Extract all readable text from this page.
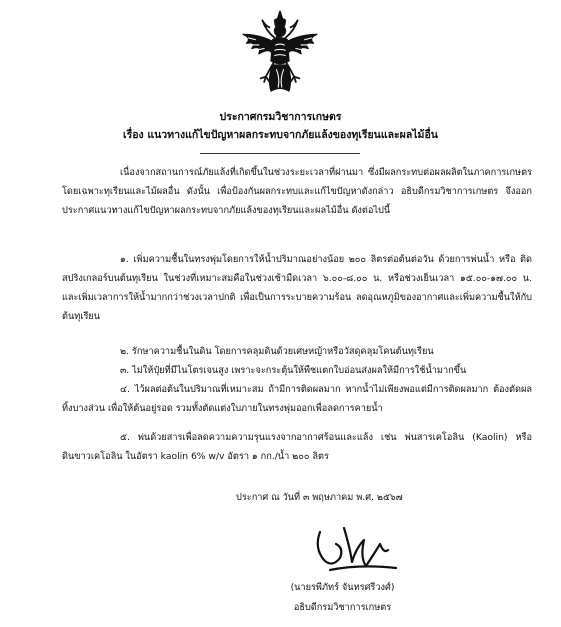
ประกาศกรมวิชาการเกษตร
เรื่อง แนวทางแก้ไขปัญหาผลกระทบจากภัยแล้งของทุเรียนและผลไม้อื่น

เนื่องจากสถานการณ์ภัยแล้งที่เกิดขึ้นในช่วงระยะเวลาที่ผ่านมา ซึ่งมีผลกระทบต่อผลผลิตในภาคการเกษตร โดยเฉพาะทุเรียนและไม้ผลอื่น ดังนั้น เพื่อป้องกันผลกระทบและแก้ไขปัญหาดังกล่าว อธิบดีกรมวิชาการเกษตร จึงออกประกาศแนวทางแก้ไขปัญหาผลกระทบจากภัยแล้งของทุเรียนและผลไม้อื่น ดังต่อไปนี้

๑. เพิ่มความชื้นในทรงพุ่มโดยการให้น้ำปริมาณอย่างน้อย ๒๐๐ ลิตรต่อต้นต่อวัน ด้วยการพ่นน้ำ หรือ ติดสปริงเกลอร์บนต้นทุเรียน ในช่วงที่เหมาะสมคือในช่วงเช้ามืดเวลา ๖.๐๐-๘.๐๐ น. หรือช่วงเย็นเวลา ๑๕.๐๐-๑๗.๐๐ น. และเพิ่มเวลาการให้น้ำมากกว่าช่วงเวลาปกติ เพื่อเป็นการระบายความร้อน ลดอุณหภูมิของอากาศและเพิ่มความชื้นให้กับต้นทุเรียน

๒. รักษาความชื้นในดิน โดยการคลุมดินด้วยเศษหญ้าหรือวัสดุคลุมโคนต้นทุเรียน

๓. ไม่ให้ปุ๋ยที่มีไนโตรเจนสูง เพราะจะกระตุ้นให้พืชแตกใบอ่อนส่งผลให้มีการใช้น้ำมากขึ้น

๔. ไว้ผลต่อต้นในปริมาณที่เหมาะสม ถ้ามีการติดผลมาก หากน้ำไม่เพียงพอแต่มีการติดผลมาก ต้องตัดผลทิ้งบางส่วน เพื่อให้ต้นอยู่รอด รวมทั้งตัดแต่งใบภายในทรงพุ่มออกเพื่อลดการคายน้ำ

๕. พ่นด้วยสารเพื่อลดความความรุนแรงจากอากาศร้อนและแล้ง เช่น พ่นสารเคโอลิน (Kaolin) หรือ ดินขาวเคโอลิน ในอัตรา kaolin 6% w/v อัตรา ๑ กก./น้ำ ๒๐๐ ลิตร

ประกาศ ณ วันที่ ๓ พฤษภาคม พ.ศ. ๒๕๖๗
(นายรพีภัทร์ จันทรศรีวงศ์)
อธิบดีกรมวิชาการเกษตร
